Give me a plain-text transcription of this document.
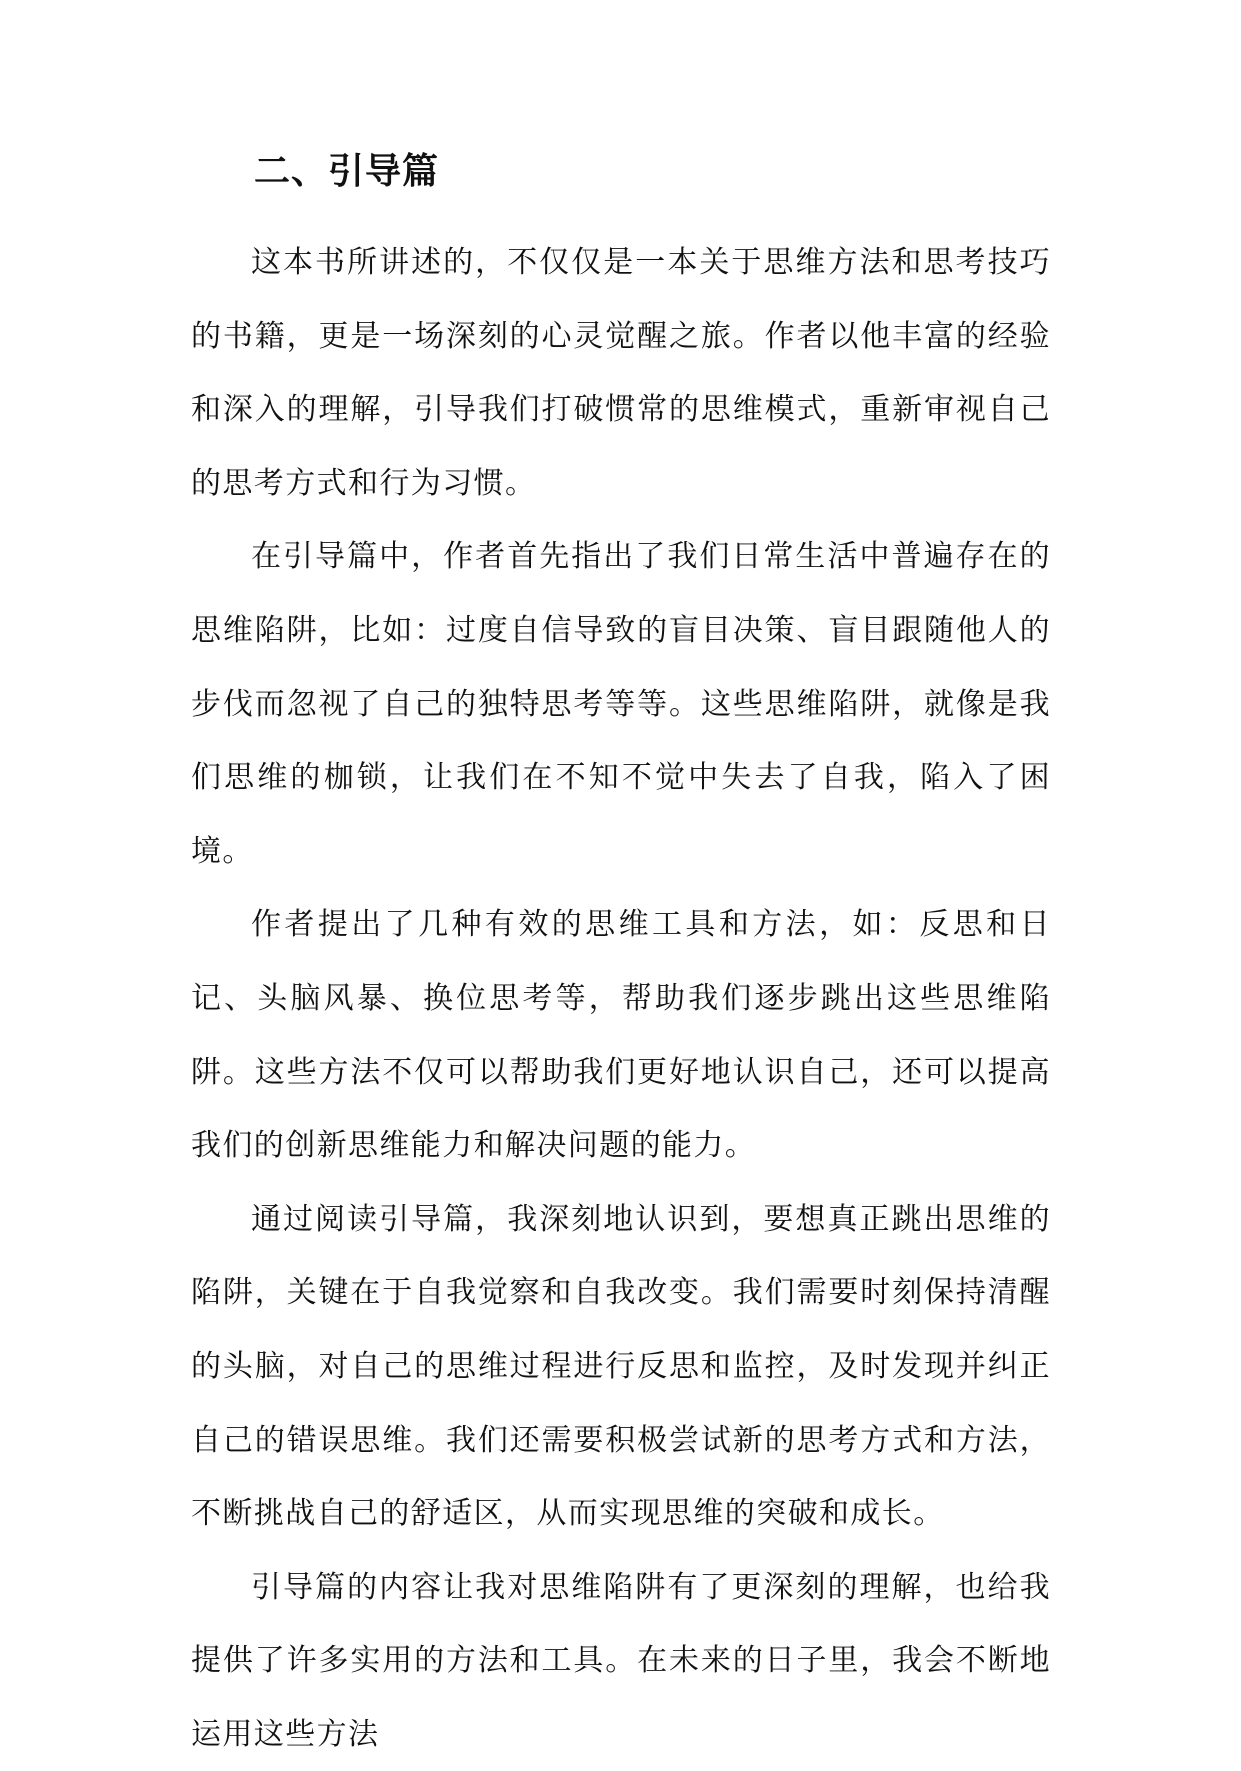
二、引导篇

这本书所讲述的，不仅仅是一本关于思维方法和思考技巧的书籍，更是一场深刻的心灵觉醒之旅。作者以他丰富的经验和深入的理解，引导我们打破惯常的思维模式，重新审视自己的思考方式和行为习惯。

在引导篇中，作者首先指出了我们日常生活中普遍存在的思维陷阱，比如：过度自信导致的盲目决策、盲目跟随他人的步伐而忽视了自己的独特思考等等。这些思维陷阱，就像是我们思维的枷锁，让我们在不知不觉中失去了自我，陷入了困境。

作者提出了几种有效的思维工具和方法，如：反思和日记、头脑风暴、换位思考等，帮助我们逐步跳出这些思维陷阱。这些方法不仅可以帮助我们更好地认识自己，还可以提高我们的创新思维能力和解决问题的能力。

通过阅读引导篇，我深刻地认识到，要想真正跳出思维的陷阱，关键在于自我觉察和自我改变。我们需要时刻保持清醒的头脑，对自己的思维过程进行反思和监控，及时发现并纠正自己的错误思维。我们还需要积极尝试新的思考方式和方法，不断挑战自己的舒适区，从而实现思维的突破和成长。

引导篇的内容让我对思维陷阱有了更深刻的理解，也给我提供了许多实用的方法和工具。在未来的日子里，我会不断地运用这些方法
